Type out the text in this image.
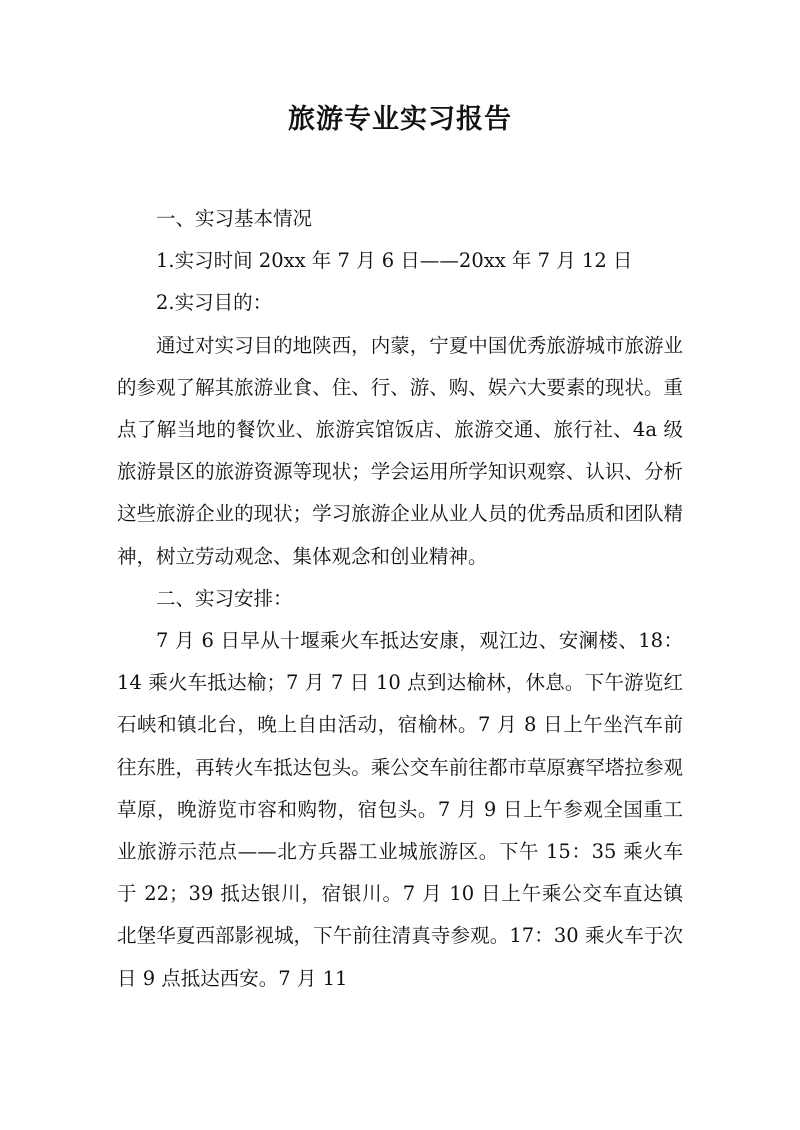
旅游专业实习报告

一、实习基本情况

1.实习时间 20xx 年 7 月 6 日——20xx 年 7 月 12 日

2.实习目的：

通过对实习目的地陕西，内蒙，宁夏中国优秀旅游城市旅游业的参观了解其旅游业食、住、行、游、购、娱六大要素的现状。重点了解当地的餐饮业、旅游宾馆饭店、旅游交通、旅行社、4a 级旅游景区的旅游资源等现状；学会运用所学知识观察、认识、分析这些旅游企业的现状；学习旅游企业从业人员的优秀品质和团队精神，树立劳动观念、集体观念和创业精神。

二、实习安排：

7 月 6 日早从十堰乘火车抵达安康，观江边、安澜楼、18：14 乘火车抵达榆；7 月 7 日 10 点到达榆林，休息。下午游览红石峡和镇北台，晚上自由活动，宿榆林。7 月 8 日上午坐汽车前往东胜，再转火车抵达包头。乘公交车前往都市草原赛罕塔拉参观草原，晚游览市容和购物，宿包头。7 月 9 日上午参观全国重工业旅游示范点——北方兵器工业城旅游区。下午 15：35 乘火车于 22；39 抵达银川，宿银川。7 月 10 日上午乘公交车直达镇北堡华夏西部影视城，下午前往清真寺参观。17：30 乘火车于次日 9 点抵达西安。7 月 11
